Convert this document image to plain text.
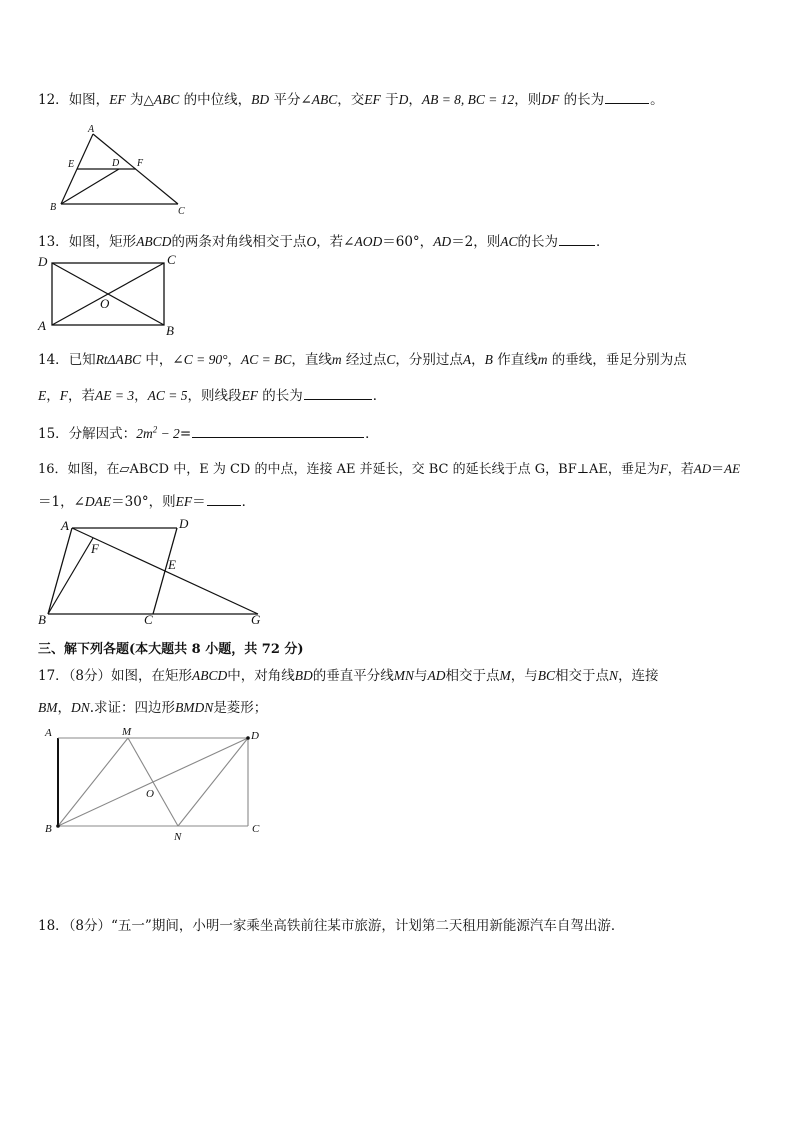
12．如图，EF 为△ABC 的中位线，BD 平分∠ABC，交EF 于D，AB = 8, BC = 12，则DF 的长为	。
A
E	D F
B	C
13．如图，矩形ABCD的两条对角线相交于点O，若∠AOD＝60°，AD＝2，则AC的长为	．
D	C
A	B
O
14．已知RtΔABC 中，∠C = 90°，AC = BC，直线m 经过点C，分别过点A，B 作直线m 的垂线，垂足分别为点
E，F，若AE = 3，AC = 5，则线段EF 的长为	．
15．分解因式：$2m^2 - 2=$	．
16．如图，在▱ABCD 中，E 为 CD 的中点，连接 AE 并延长，交 BC 的延长线于点 G，BF⊥AE，垂足为F，若AD＝AE
＝1，∠DAE＝30°，则EF＝	．
A	D
F
E
B	C	G
三、解下列各题(本大题共 8 小题，共 72 分)
17．（8分）如图，在矩形ABCD中，对角线BD的垂直平分线MN与AD相交于点M，与BC相交于点N，连接
BM，DN.求证：四边形BMDN是菱形；
A	M	D
O
B
N
C
18．（8分）“五一”期间，小明一家乘坐高铁前往某市旅游，计划第二天租用新能源汽车自驾出游．
